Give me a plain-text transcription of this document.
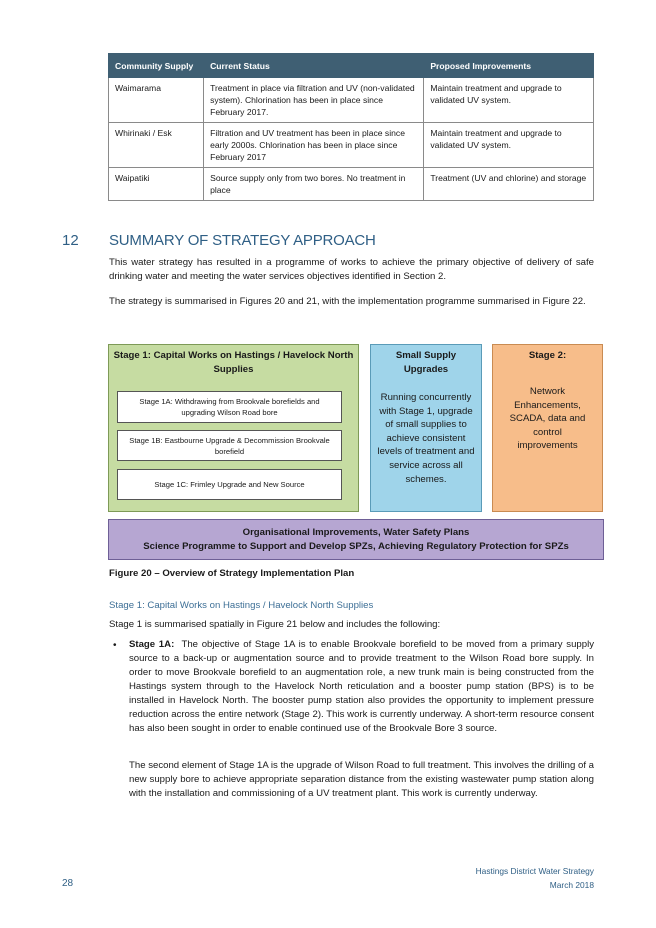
Community Supply	Current Status	Proposed Improvements
Waimarama	Treatment in place via filtration and UV (non-validated system). Chlorination has been in place since February 2017.	Maintain treatment and upgrade to validated UV system.
Whirinaki / Esk	Filtration and UV treatment has been in place since early 2000s. Chlorination has been in place since February 2017	Maintain treatment and upgrade to validated UV system.
Waipatiki	Source supply only from two bores. No treatment in place	Treatment (UV and chlorine) and storage
12 SUMMARY OF STRATEGY APPROACH

This water strategy has resulted in a programme of works to achieve the primary objective of delivery of safe drinking water and meeting the water services objectives identified in Section 2.

The strategy is summarised in Figures 20 and 21, with the implementation programme summarised in Figure 22.

Stage 1: Capital Works on Hastings / Havelock North Supplies
Stage 1A: Withdrawing from Brookvale borefields and upgrading Wilson Road bore
Stage 1B: Eastbourne Upgrade & Decommission Brookvale borefield
Stage 1C: Frimley Upgrade and New Source
Small Supply Upgrades
Running concurrently with Stage 1, upgrade of small supplies to achieve consistent levels of treatment and service across all schemes.
Stage 2:
Network Enhancements, SCADA, data and control improvements
Organisational Improvements, Water Safety Plans
Science Programme to Support and Develop SPZs, Achieving Regulatory Protection for SPZs
Figure 20 – Overview of Strategy Implementation Plan
Stage 1: Capital Works on Hastings / Havelock North Supplies

Stage 1 is summarised spatially in Figure 21 below and includes the following:

• Stage 1A: The objective of Stage 1A is to enable Brookvale borefield to be moved from a primary supply source to a back-up or augmentation source and to provide treatment to the Wilson Road bore supply. In order to move Brookvale borefield to an augmentation role, a new trunk main is being constructed from the Hastings system through to the Havelock North reticulation and a booster pump station (BPS) is to be installed in Havelock North. The booster pump station also provides the opportunity to implement pressure reduction across the entire network (Stage 2). This work is currently underway. A short-term resource consent has also been sought in order to enable continued use of the Brookvale Bore 3 source.

The second element of Stage 1A is the upgrade of Wilson Road to full treatment. This involves the drilling of a new supply bore to achieve appropriate separation distance from the existing wastewater pump station along with the installation and commissioning of a UV treatment plant. This work is currently underway.

28
Hastings District Water Strategy
March 2018
